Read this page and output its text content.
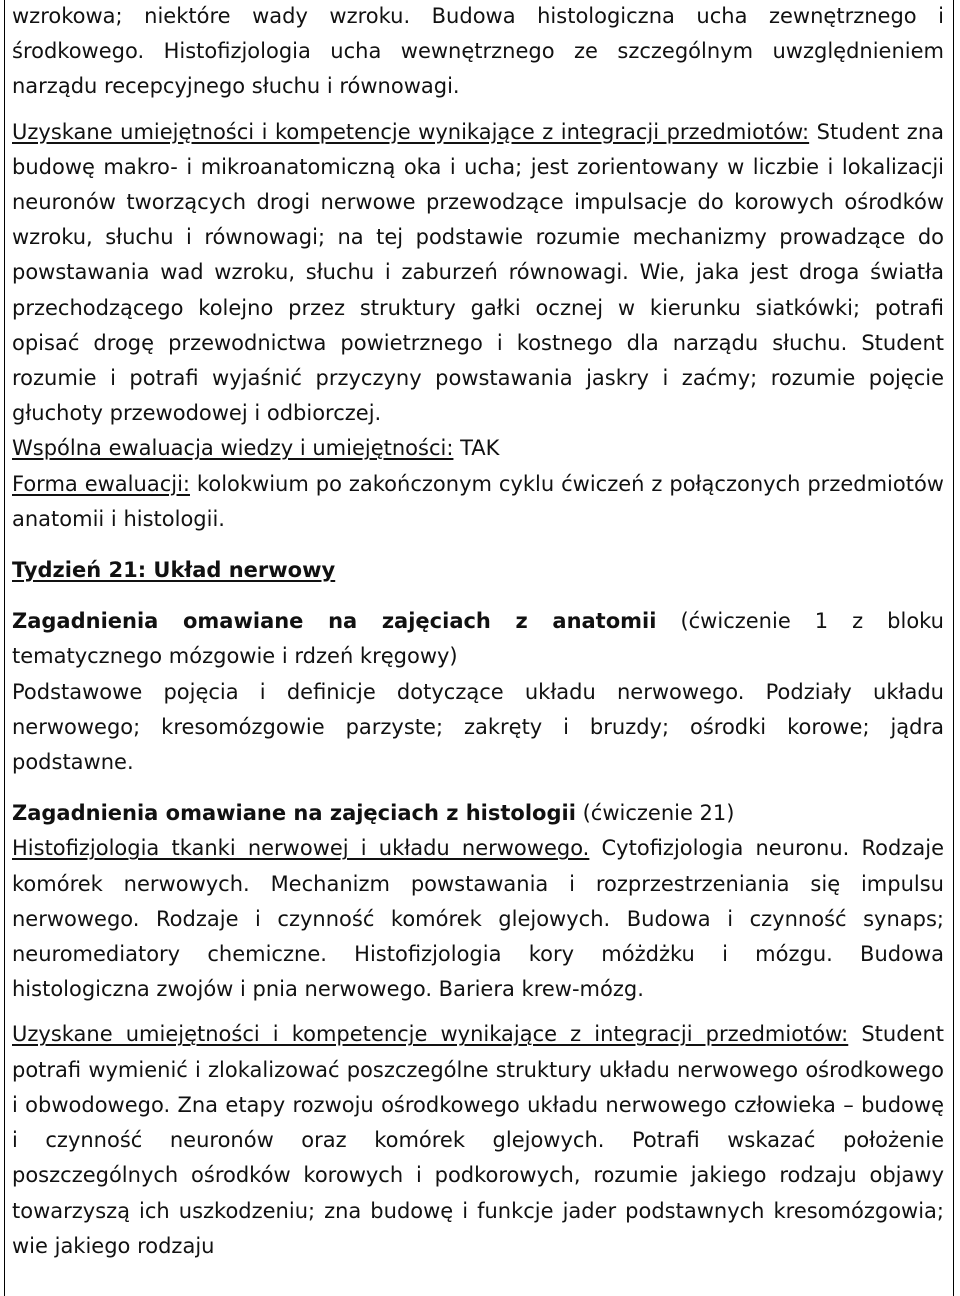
wzrokowa; niektóre wady wzroku. Budowa histologiczna ucha zewnętrznego i środkowego. Histofizjologia ucha wewnętrznego ze szczególnym uwzględnieniem narządu recepcyjnego słuchu i równowagi.

Uzyskane umiejętności i kompetencje wynikające z integracji przedmiotów: Student zna budowę makro- i mikroanatomiczną oka i ucha; jest zorientowany w liczbie i lokalizacji neuronów tworzących drogi nerwowe przewodzące impulsacje do korowych ośrodków wzroku, słuchu i równowagi; na tej podstawie rozumie mechanizmy prowadzące do powstawania wad wzroku, słuchu i zaburzeń równowagi. Wie, jaka jest droga światła przechodzącego kolejno przez struktury gałki ocznej w kierunku siatkówki; potrafi opisać drogę przewodnictwa powietrznego i kostnego dla narządu słuchu. Student rozumie i potrafi wyjaśnić przyczyny powstawania jaskry i zaćmy; rozumie pojęcie głuchoty przewodowej i odbiorczej.

Wspólna ewaluacja wiedzy i umiejętności: TAK

Forma ewaluacji: kolokwium po zakończonym cyklu ćwiczeń z połączonych przedmiotów anatomii i histologii.

Tydzień 21: Układ nerwowy

Zagadnienia omawiane na zajęciach z anatomii (ćwiczenie 1 z bloku tematycznego mózgowie i rdzeń kręgowy)

Podstawowe pojęcia i definicje dotyczące układu nerwowego. Podziały układu nerwowego; kresomózgowie parzyste; zakręty i bruzdy; ośrodki korowe; jądra podstawne.

Zagadnienia omawiane na zajęciach z histologii (ćwiczenie 21)

Histofizjologia tkanki nerwowej i układu nerwowego. Cytofizjologia neuronu. Rodzaje komórek nerwowych. Mechanizm powstawania i rozprzestrzeniania się impulsu nerwowego. Rodzaje i czynność komórek glejowych. Budowa i czynność synaps; neuromediatory chemiczne. Histofizjologia kory móżdżku i mózgu. Budowa histologiczna zwojów i pnia nerwowego. Bariera krew-mózg.

Uzyskane umiejętności i kompetencje wynikające z integracji przedmiotów: Student potrafi wymienić i zlokalizować poszczególne struktury układu nerwowego ośrodkowego i obwodowego. Zna etapy rozwoju ośrodkowego układu nerwowego człowieka – budowę i czynność neuronów oraz komórek glejowych. Potrafi wskazać położenie poszczególnych ośrodków korowych i podkorowych, rozumie jakiego rodzaju objawy towarzyszą ich uszkodzeniu; zna budowę i funkcje jader podstawnych kresomózgowia; wie jakiego rodzaju
